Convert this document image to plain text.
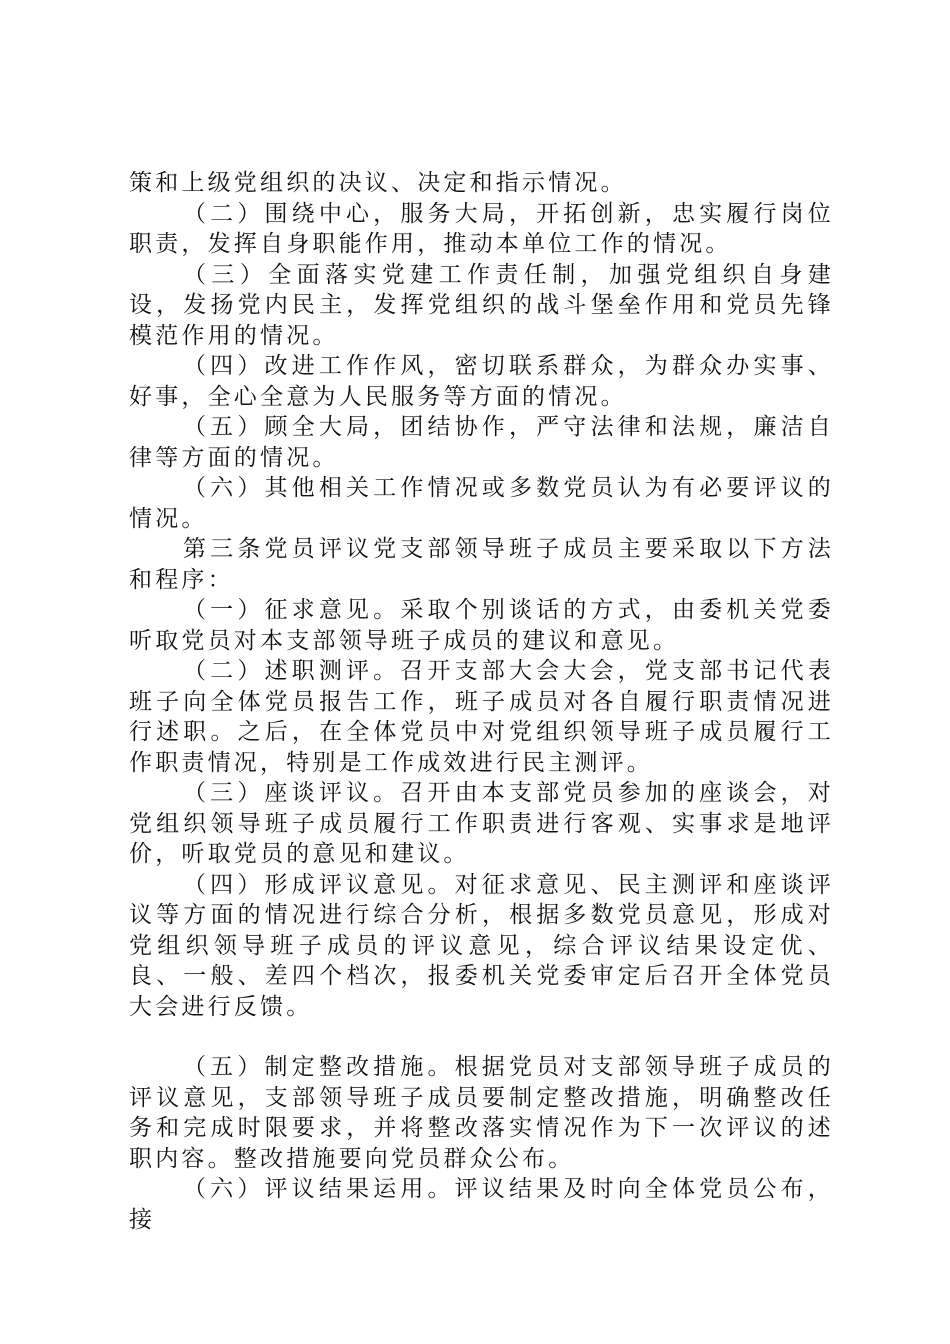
策和上级党组织的决议、决定和指示情况。

（二）围绕中心，服务大局，开拓创新，忠实履行岗位职责，发挥自身职能作用，推动本单位工作的情况。

（三）全面落实党建工作责任制，加强党组织自身建设，发扬党内民主，发挥党组织的战斗堡垒作用和党员先锋模范作用的情况。

（四）改进工作作风，密切联系群众，为群众办实事、好事，全心全意为人民服务等方面的情况。

（五）顾全大局，团结协作，严守法律和法规，廉洁自律等方面的情况。

（六）其他相关工作情况或多数党员认为有必要评议的情况。

第三条党员评议党支部领导班子成员主要采取以下方法和程序：

（一）征求意见。采取个别谈话的方式，由委机关党委听取党员对本支部领导班子成员的建议和意见。

（二）述职测评。召开支部大会大会，党支部书记代表班子向全体党员报告工作，班子成员对各自履行职责情况进行述职。之后，在全体党员中对党组织领导班子成员履行工作职责情况，特别是工作成效进行民主测评。

（三）座谈评议。召开由本支部党员参加的座谈会，对党组织领导班子成员履行工作职责进行客观、实事求是地评价，听取党员的意见和建议。

（四）形成评议意见。对征求意见、民主测评和座谈评议等方面的情况进行综合分析，根据多数党员意见，形成对党组织领导班子成员的评议意见，综合评议结果设定优、良、一般、差四个档次，报委机关党委审定后召开全体党员大会进行反馈。

（五）制定整改措施。根据党员对支部领导班子成员的评议意见，支部领导班子成员要制定整改措施，明确整改任务和完成时限要求，并将整改落实情况作为下一次评议的述职内容。整改措施要向党员群众公布。

（六）评议结果运用。评议结果及时向全体党员公布，接
